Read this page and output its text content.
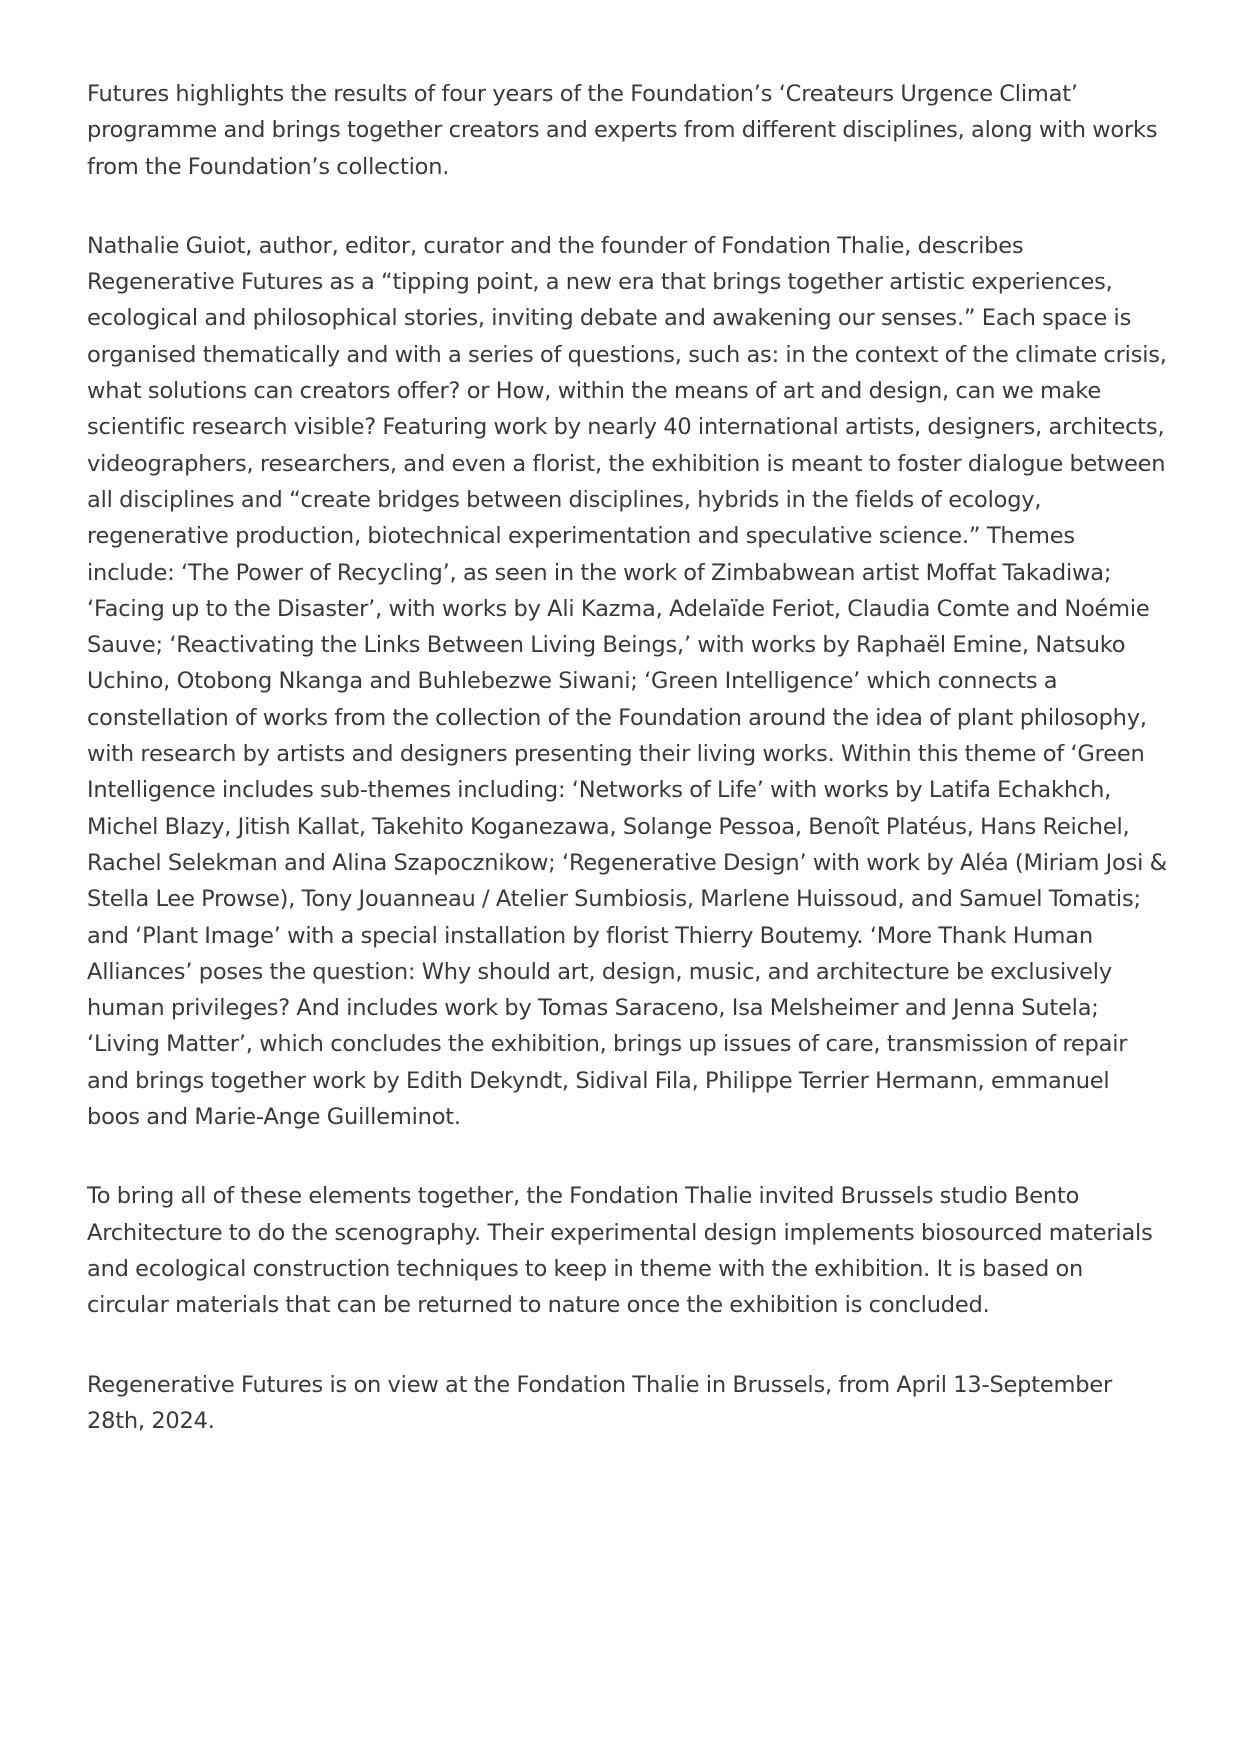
Futures highlights the results of four years of the Foundation’s ‘Createurs Urgence Climat’ programme and brings together creators and experts from different disciplines, along with works from the Foundation’s collection.

Nathalie Guiot, author, editor, curator and the founder of Fondation Thalie, describes Regenerative Futures as a “tipping point, a new era that brings together artistic experiences, ecological and philosophical stories, inviting debate and awakening our senses.” Each space is organised thematically and with a series of questions, such as: in the context of the climate crisis, what solutions can creators offer? or How, within the means of art and design, can we make scientific research visible? Featuring work by nearly 40 international artists, designers, architects, videographers, researchers, and even a florist, the exhibition is meant to foster dialogue between all disciplines and “create bridges between disciplines, hybrids in the fields of ecology, regenerative production, biotechnical experimentation and speculative science.” Themes include: ‘The Power of Recycling’, as seen in the work of Zimbabwean artist Moffat Takadiwa; ‘Facing up to the Disaster’, with works by Ali Kazma, Adelaïde Feriot, Claudia Comte and Noémie Sauve; ‘Reactivating the Links Between Living Beings,’ with works by Raphaël Emine, Natsuko Uchino, Otobong Nkanga and Buhlebezwe Siwani; ‘Green Intelligence’ which connects a constellation of works from the collection of the Foundation around the idea of plant philosophy, with research by artists and designers presenting their living works. Within this theme of ‘Green Intelligence includes sub-themes including: ‘Networks of Life’ with works by Latifa Echakhch, Michel Blazy, Jitish Kallat, Takehito Koganezawa, Solange Pessoa, Benoît Platéus, Hans Reichel, Rachel Selekman and Alina Szapocznikow; ‘Regenerative Design’ with work by Aléa (Miriam Josi & Stella Lee Prowse), Tony Jouanneau / Atelier Sumbiosis, Marlene Huissoud, and Samuel Tomatis; and ‘Plant Image’ with a special installation by florist Thierry Boutemy. ‘More Thank Human Alliances’ poses the question: Why should art, design, music, and architecture be exclusively human privileges? And includes work by Tomas Saraceno, Isa Melsheimer and Jenna Sutela; ‘Living Matter’, which concludes the exhibition, brings up issues of care, transmission of repair and brings together work by Edith Dekyndt, Sidival Fila, Philippe Terrier Hermann, emmanuel boos and Marie-Ange Guilleminot.

To bring all of these elements together, the Fondation Thalie invited Brussels studio Bento Architecture to do the scenography. Their experimental design implements biosourced materials and ecological construction techniques to keep in theme with the exhibition. It is based on circular materials that can be returned to nature once the exhibition is concluded.

Regenerative Futures is on view at the Fondation Thalie in Brussels, from April 13-September 28th, 2024.
